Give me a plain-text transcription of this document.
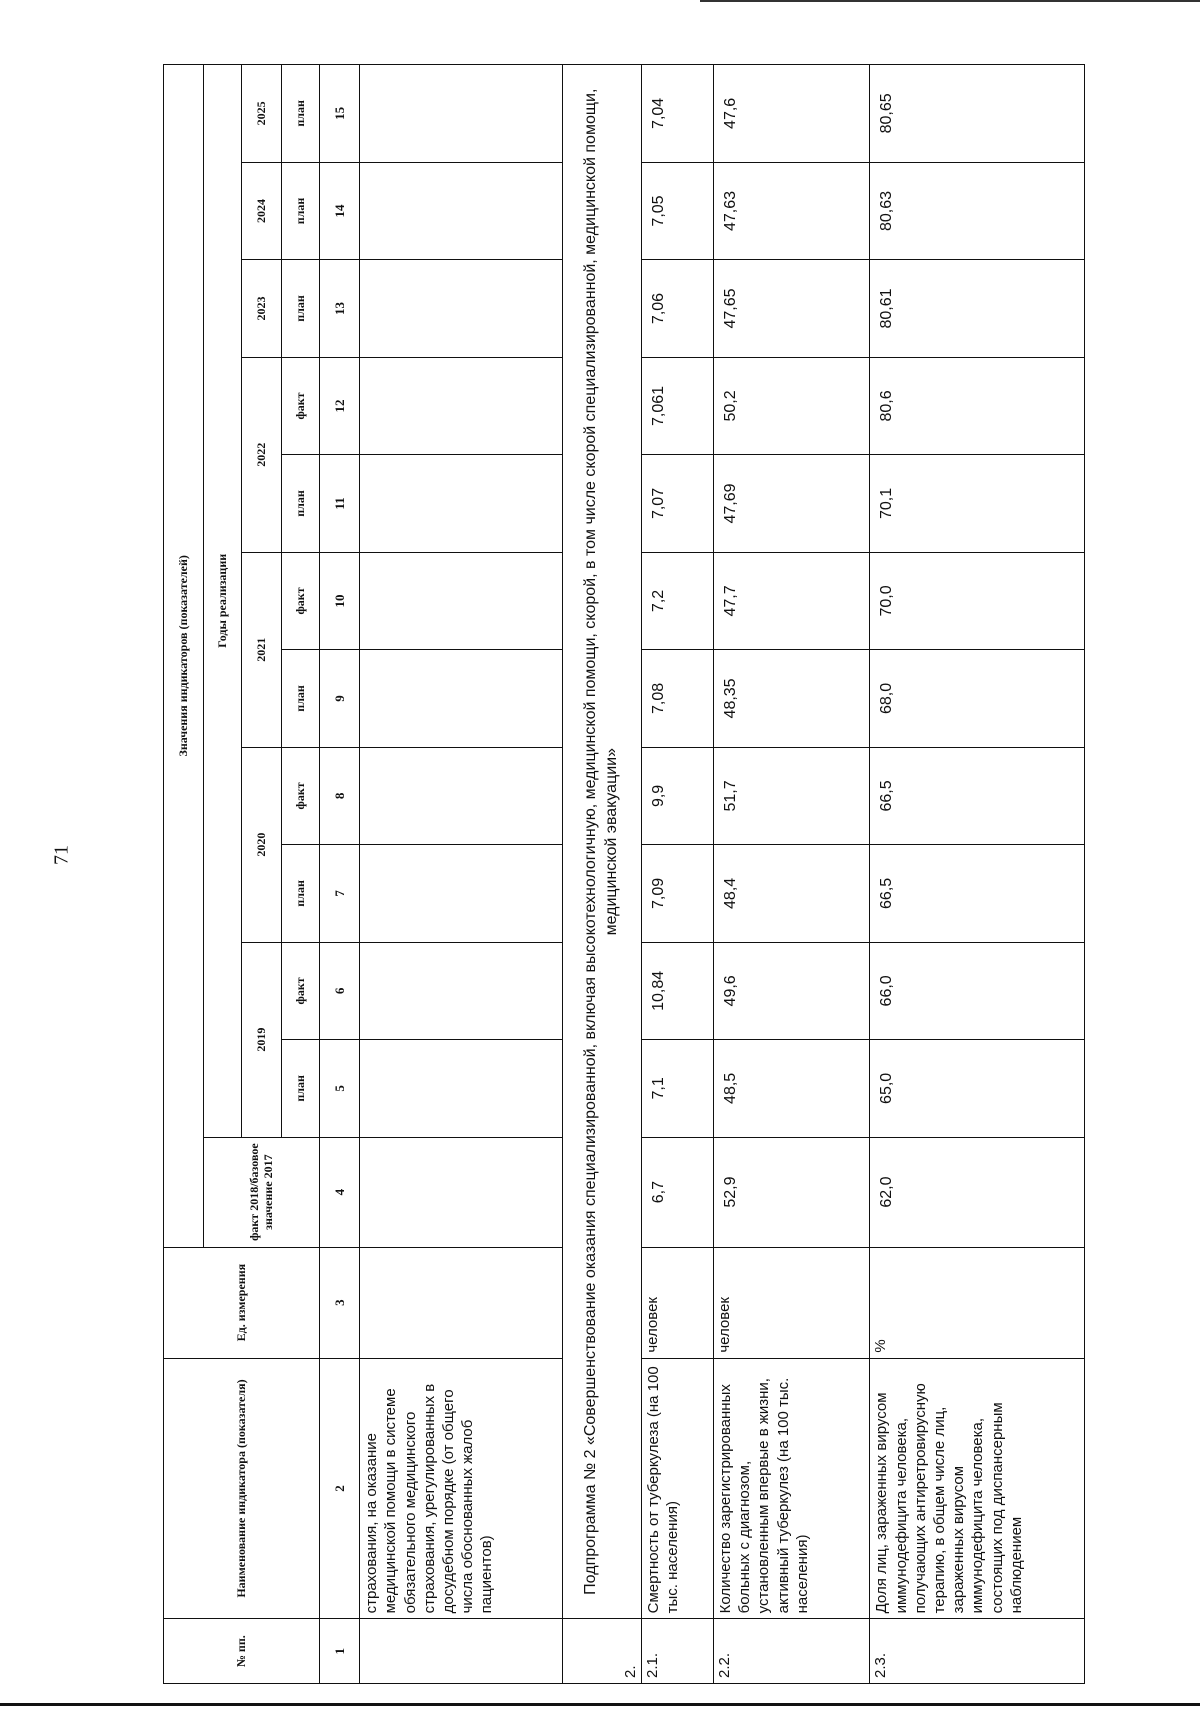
71
№ пп.	Наименование индикатора (показателя)	Ед. измерения	Значения индикаторов (показателей)											
			факт 2018/базовое значение 2017	Годы реализации										
				2019		2020		2021		2022		2023	2024	2025
				план	факт	план	факт	план	факт	план	факт	план	план	план
1	2	3	4	5	6	7	8	9	10	11	12	13	14	15
	страхования, на оказание медицинской помощи в системе обязательного медицинского страхования, урегулированных в досудебном порядке (от общего числа обоснованных жалоб пациентов)													
2.	Подпрограмма № 2 «Совершенствование оказания специализированной, включая высокотехнологичную, медицинской помощи, скорой, в том числе скорой специализированной, медицинской помощи, медицинской эвакуации»													
2.1.	Смертность от туберкулеза (на 100 тыс. населения)	человек	6,7	7,1	10,84	7,09	9,9	7,08	7,2	7,07	7,061	7,06	7,05	7,04
2.2.	Количество зарегистрированных больных с диагнозом, установленным впервые в жизни, активный туберкулез (на 100 тыс. населения)	человек	52,9	48,5	49,6	48,4	51,7	48,35	47,7	47,69	50,2	47,65	47,63	47,6
2.3.	Доля лиц, зараженных вирусом иммунодефицита человека, получающих антиретровирусную терапию, в общем числе лиц, зараженных вирусом иммунодефицита человека, состоящих под диспансерным наблюдением	%	62,0	65,0	66,0	66,5	66,5	68,0	70,0	70,1	80,6	80,61	80,63	80,65
